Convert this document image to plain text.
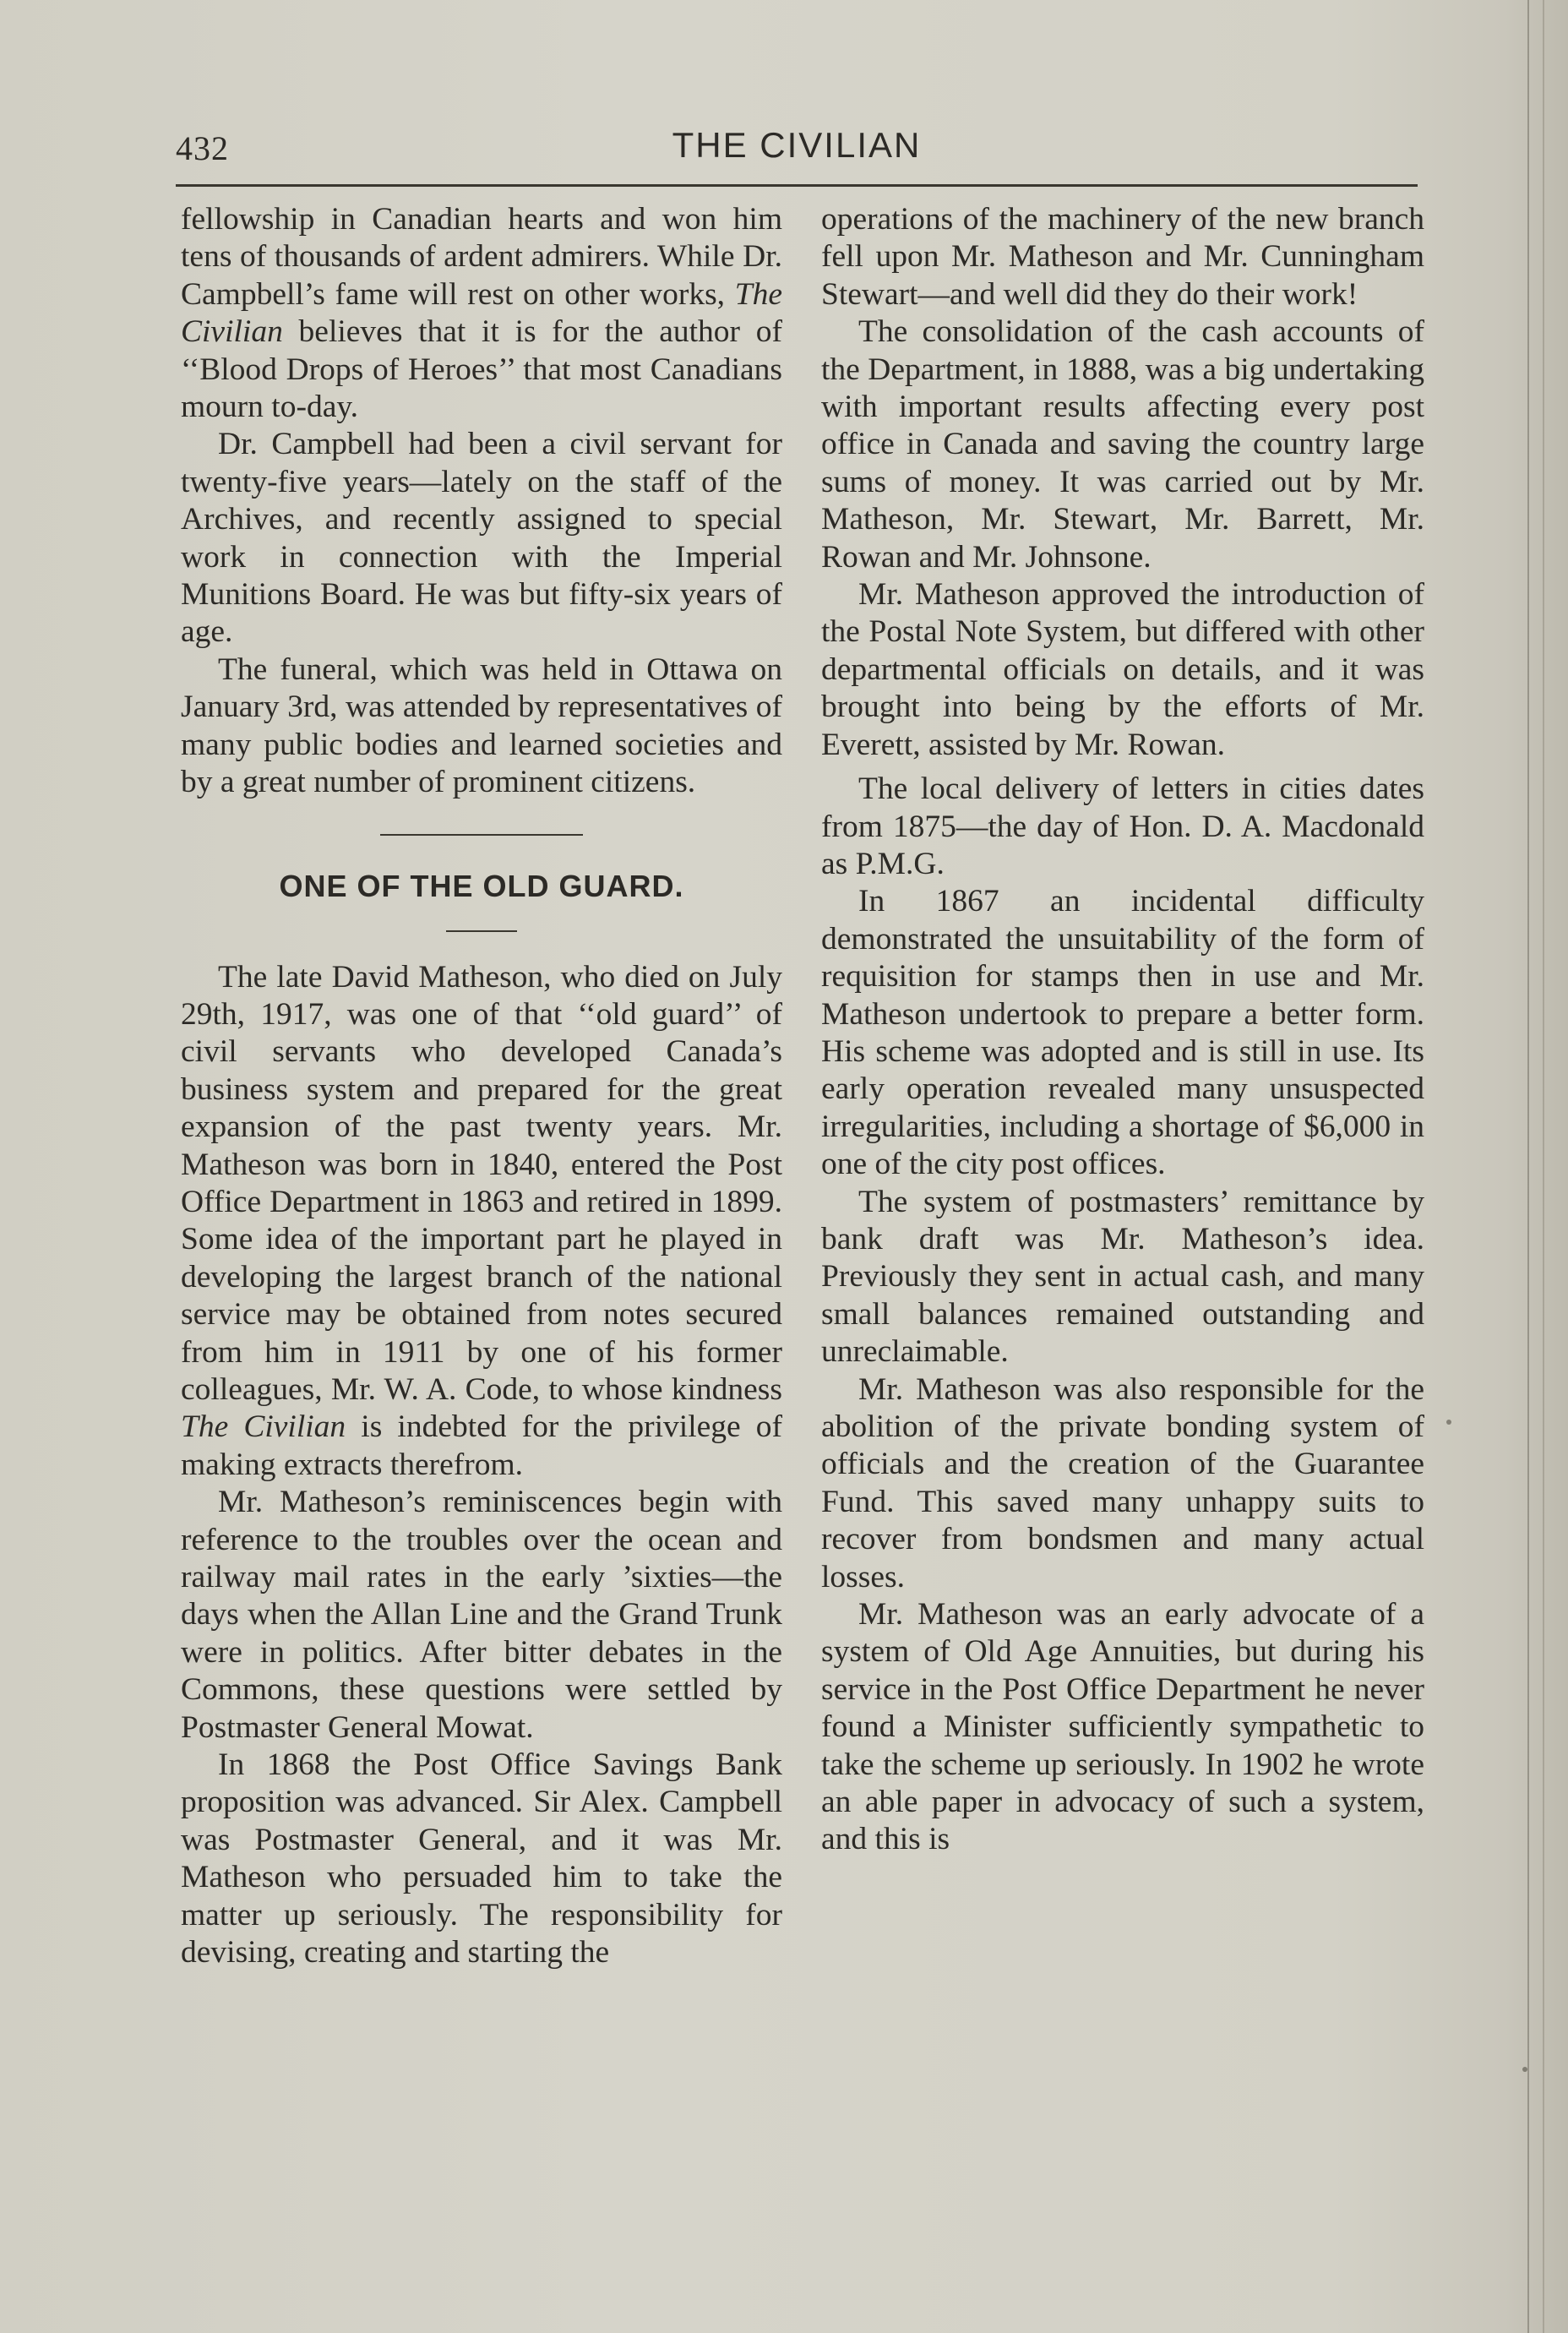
432	THE CIVILIAN

fellowship in Canadian hearts and won him tens of thousands of ardent admirers. While Dr. Campbell’s fame will rest on other works, The Civilian believes that it is for the author of ‘‘Blood Drops of Heroes’’ that most Canadians mourn to-day.

Dr. Campbell had been a civil servant for twenty-five years—lately on the staff of the Archives, and recently assigned to special work in connection with the Imperial Munitions Board. He was but fifty-six years of age.

The funeral, which was held in Ottawa on January 3rd, was attended by representatives of many public bodies and learned societies and by a great number of prominent citizens.

ONE OF THE OLD GUARD.

The late David Matheson, who died on July 29th, 1917, was one of that ‘‘old guard’’ of civil servants who developed Canada’s business system and prepared for the great expansion of the past twenty years. Mr. Matheson was born in 1840, entered the Post Office Department in 1863 and retired in 1899. Some idea of the important part he played in developing the largest branch of the national service may be obtained from notes secured from him in 1911 by one of his former colleagues, Mr. W. A. Code, to whose kindness The Civilian is indebted for the privilege of making extracts therefrom.

Mr. Matheson’s reminiscences begin with reference to the troubles over the ocean and railway mail rates in the early ’sixties—the days when the Allan Line and the Grand Trunk were in politics. After bitter debates in the Commons, these questions were settled by Postmaster General Mowat.

In 1868 the Post Office Savings Bank proposition was advanced. Sir Alex. Campbell was Postmaster General, and it was Mr. Matheson who persuaded him to take the matter up seriously. The responsibility for devising, creating and starting the

operations of the machinery of the new branch fell upon Mr. Matheson and Mr. Cunningham Stewart—and well did they do their work!

The consolidation of the cash accounts of the Department, in 1888, was a big undertaking with important results affecting every post office in Canada and saving the country large sums of money. It was carried out by Mr. Matheson, Mr. Stewart, Mr. Barrett, Mr. Rowan and Mr. Johnsone.

Mr. Matheson approved the introduction of the Postal Note System, but differed with other departmental officials on details, and it was brought into being by the efforts of Mr. Everett, assisted by Mr. Rowan.

The local delivery of letters in cities dates from 1875—the day of Hon. D. A. Macdonald as P.M.G.

In 1867 an incidental difficulty demonstrated the unsuitability of the form of requisition for stamps then in use and Mr. Matheson undertook to prepare a better form. His scheme was adopted and is still in use. Its early operation revealed many unsuspected irregularities, including a shortage of $6,000 in one of the city post offices.

The system of postmasters’ remittance by bank draft was Mr. Matheson’s idea. Previously they sent in actual cash, and many small balances remained outstanding and unreclaimable.

Mr. Matheson was also responsible for the abolition of the private bonding system of officials and the creation of the Guarantee Fund. This saved many unhappy suits to recover from bondsmen and many actual losses.

Mr. Matheson was an early advocate of a system of Old Age Annuities, but during his service in the Post Office Department he never found a Minister sufficiently sympathetic to take the scheme up seriously. In 1902 he wrote an able paper in advocacy of such a system, and this is
